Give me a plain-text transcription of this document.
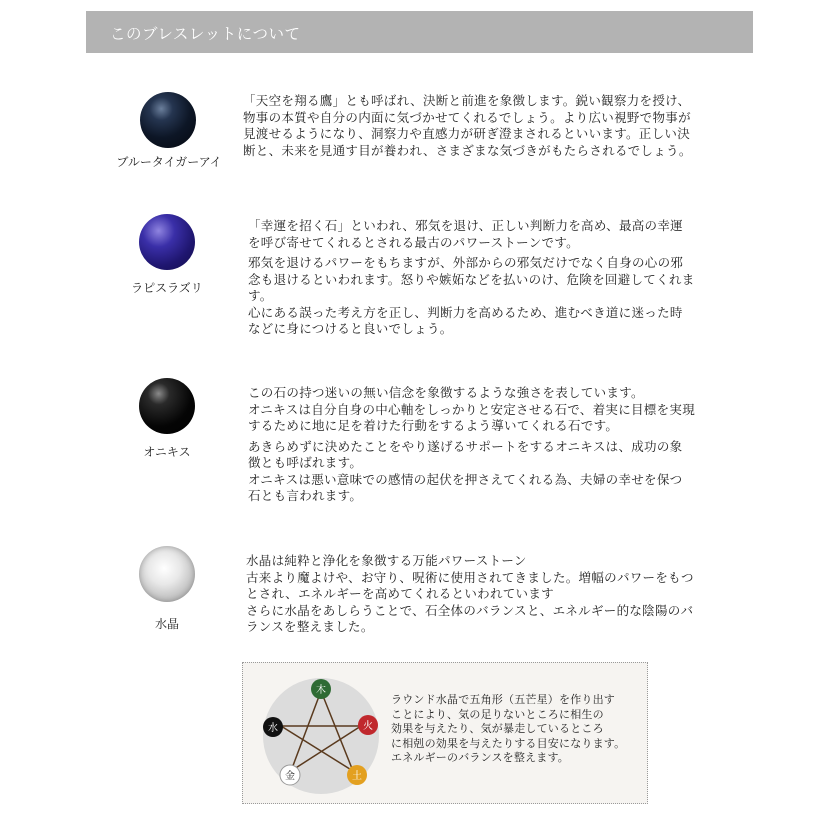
このブレスレットについて
ブルータイガーアイ

「天空を翔る鷹」とも呼ばれ、決断と前進を象徴します。鋭い観察力を授け、物事の本質や自分の内面に気づかせてくれるでしょう。より広い視野で物事が見渡せるようになり、洞察力や直感力が研ぎ澄まされるといいます。正しい決断と、未来を見通す目が養われ、さまざまな気づきがもたらされるでしょう。

ラピスラズリ

「幸運を招く石」といわれ、邪気を退け、正しい判断力を高め、最高の幸運を呼び寄せてくれるとされる最古のパワーストーンです。

邪気を退けるパワーをもちますが、外部からの邪気だけでなく自身の心の邪念も退けるといわれます。怒りや嫉妬などを払いのけ、危険を回避してくれます。
心にある誤った考え方を正し、判断力を高めるため、進むべき道に迷った時などに身につけると良いでしょう。

オニキス

この石の持つ迷いの無い信念を象徴するような強さを表しています。
オニキスは自分自身の中心軸をしっかりと安定させる石で、着実に目標を実現するために地に足を着けた行動をするよう導いてくれる石です。

あきらめずに決めたことをやり遂げるサポートをするオニキスは、成功の象徴とも呼ばれます。
オニキスは悪い意味での感情の起伏を押さえてくれる為、夫婦の幸せを保つ石とも言われます。

水晶

水晶は純粋と浄化を象徴する万能パワーストーン
古来より魔よけや、お守り、呪術に使用されてきました。増幅のパワーをもつとされ、エネルギーを高めてくれるといわれています
さらに水晶をあしらうことで、石全体のバランスと、エネルギー的な陰陽のバランスを整えました。

木
火
土
金
水

ラウンド水晶で五角形（五芒星）を作り出す

ことにより、気の足りないところに相生の

効果を与えたり、気が暴走しているところ

に相剋の効果を与えたりする目安になります。

エネルギーのバランスを整えます。
